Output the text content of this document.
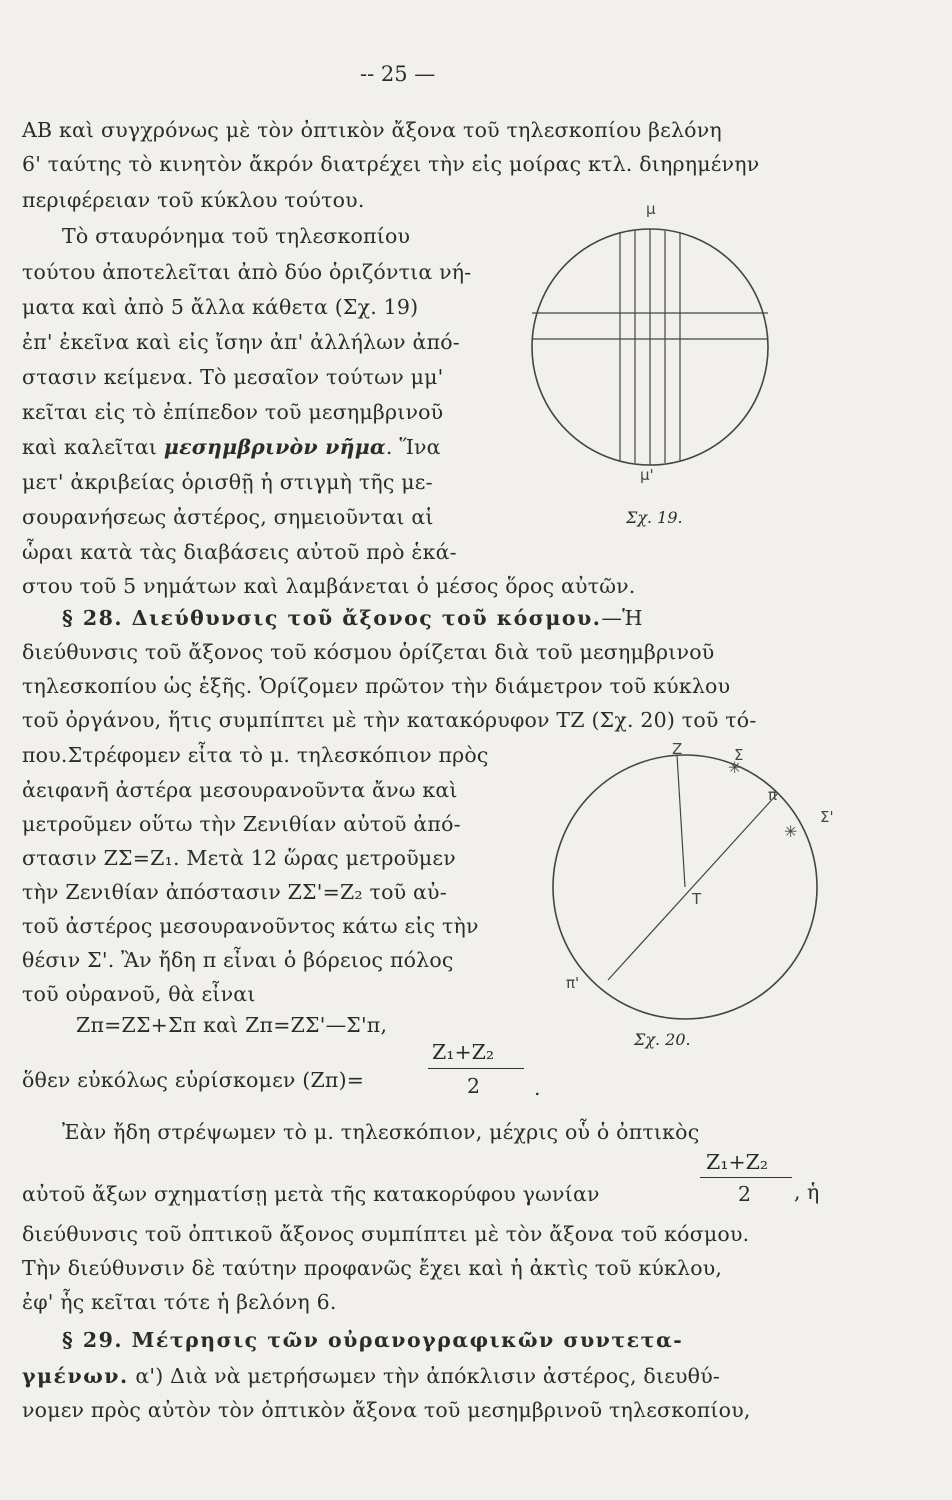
-- 25 —
AB καὶ συγχρόνως μὲ τὸν ὀπτικὸν ἄξονα τοῦ τηλεσκοπίου βελόνη
6' ταύτης τὸ κινητὸν ἄκρόν διατρέχει τὴν εἰς μοίρας κτλ. διηρημένην
περιφέρειαν τοῦ κύκλου τούτου.
Τὸ σταυρόνημα τοῦ τηλεσκοπίου
τούτου ἀποτελεῖται ἀπὸ δύο ὁριζόντια νή-
ματα καὶ ἀπὸ 5 ἄλλα κάθετα (Σχ. 19)
ἐπ' ἐκεῖνα καὶ εἰς ἴσην ἀπ' ἀλλήλων ἀπό-
στασιν κείμενα. Τὸ μεσαῖον τούτων μμ'
κεῖται εἰς τὸ ἐπίπεδον τοῦ μεσημβρινοῦ
καὶ καλεῖται μεσημβρινὸν νῆμα. Ἵνα
μετ' ἀκριβείας ὁρισθῇ ἡ στιγμὴ τῆς με-
σουρανήσεως ἀστέρος, σημειοῦνται αἱ
ὧραι κατὰ τὰς διαβάσεις αὐτοῦ πρὸ ἑκά-
στου τοῦ 5 νημάτων καὶ λαμβάνεται ὁ μέσος ὅρος αὐτῶν.
§ 28. Διεύθυνσις τοῦ ἄξονος τοῦ κόσμου.—Ἡ
διεύθυνσις τοῦ ἄξονος τοῦ κόσμου ὁρίζεται διὰ τοῦ μεσημβρινοῦ
τηλεσκοπίου ὡς ἑξῆς. Ὁρίζομεν πρῶτον τὴν διάμετρον τοῦ κύκλου
τοῦ ὀργάνου, ἥτις συμπίπτει μὲ τὴν κατακόρυφον ΤΖ (Σχ. 20) τοῦ τό-
που.Στρέφομεν εἶτα τὸ μ. τηλεσκόπιον πρὸς
ἀειφανῆ ἀστέρα μεσουρανοῦντα ἄνω καὶ
μετροῦμεν οὕτω τὴν Ζενιθίαν αὐτοῦ ἀπό-
στασιν ΖΣ=Ζ₁. Μετὰ 12 ὥρας μετροῦμεν
τὴν Ζενιθίαν ἀπόστασιν ΖΣ'=Ζ₂ τοῦ αὐ-
τοῦ ἀστέρος μεσουρανοῦντος κάτω εἰς τὴν
θέσιν Σ'. Ἂν ἤδη π εἶναι ὁ βόρειος πόλος
τοῦ οὐρανοῦ, θὰ εἶναι
Ζπ=ΖΣ+Σπ καὶ Ζπ=ΖΣ'—Σ'π,
ὅθεν εὐκόλως εὑρίσκομεν (Ζπ)=
Ζ₁+Ζ₂
2	.
Ἐὰν ἤδη στρέψωμεν τὸ μ. τηλεσκόπιον, μέχρις οὗ ὁ ὀπτικὸς
αὐτοῦ ἄξων σχηματίσῃ μετὰ τῆς κατακορύφου γωνίαν
Ζ₁+Ζ₂
2 , ἡ
διεύθυνσις τοῦ ὀπτικοῦ ἄξονος συμπίπτει μὲ τὸν ἄξονα τοῦ κόσμου.
Τὴν διεύθυνσιν δὲ ταύτην προφανῶς ἔχει καὶ ἡ ἀκτὶς τοῦ κύκλου,
ἐφ' ἧς κεῖται τότε ἡ βελόνη 6.
§ 29. Μέτρησις τῶν οὐρανογραφικῶν συντετα-
γμένων. α') Διὰ νὰ μετρήσωμεν τὴν ἀπόκλισιν ἀστέρος, διευθύ-
νομεν πρὸς αὐτὸν τὸν ὀπτικὸν ἄξονα τοῦ μεσημβρινοῦ τηλεσκοπίου,
μ
μ'
Σχ. 19.
✳
✳
Ζ	Σ
π
Σ'
Τ
π'
Σχ. 20.
